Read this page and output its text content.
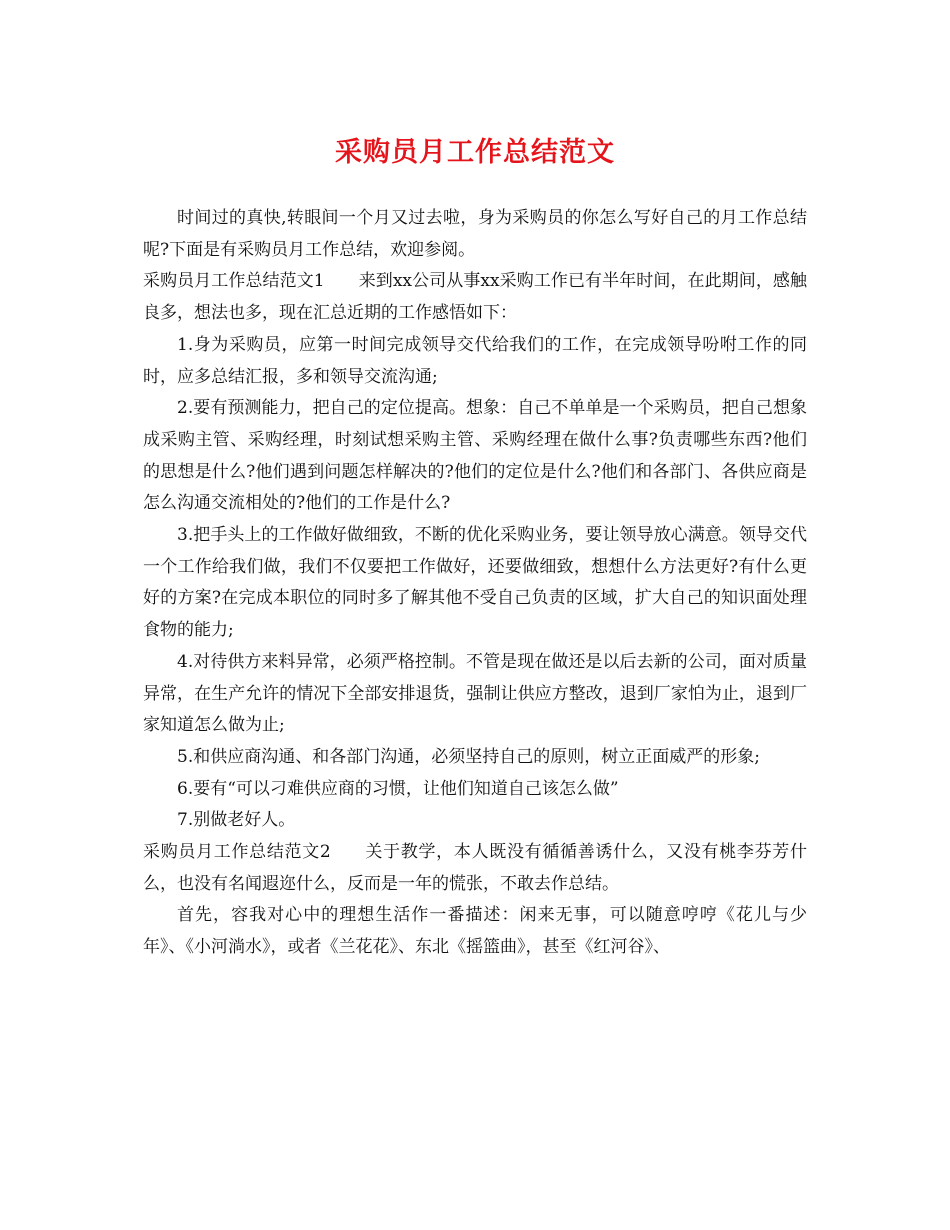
采购员月工作总结范文

时间过的真快,转眼间一个月又过去啦，身为采购员的你怎么写好自己的月工作总结呢?下面是有采购员月工作总结，欢迎参阅。

采购员月工作总结范文1 来到xx公司从事xx采购工作已有半年时间，在此期间，感触良多，想法也多，现在汇总近期的工作感悟如下：

1.身为采购员，应第一时间完成领导交代给我们的工作，在完成领导吩咐工作的同时，应多总结汇报，多和领导交流沟通;

2.要有预测能力，把自己的定位提高。想象：自己不单单是一个采购员，把自己想象成采购主管、采购经理，时刻试想采购主管、采购经理在做什么事?负责哪些东西?他们的思想是什么?他们遇到问题怎样解决的?他们的定位是什么?他们和各部门、各供应商是怎么沟通交流相处的?他们的工作是什么?

3.把手头上的工作做好做细致，不断的优化采购业务，要让领导放心满意。领导交代一个工作给我们做，我们不仅要把工作做好，还要做细致，想想什么方法更好?有什么更好的方案?在完成本职位的同时多了解其他不受自己负责的区域，扩大自己的知识面处理食物的能力;

4.对待供方来料异常，必须严格控制。不管是现在做还是以后去新的公司，面对质量异常，在生产允许的情况下全部安排退货，强制让供应方整改，退到厂家怕为止，退到厂家知道怎么做为止;

5.和供应商沟通、和各部门沟通，必须坚持自己的原则，树立正面威严的形象;

6.要有“可以刁难供应商的习惯，让他们知道自己该怎么做”

7.别做老好人。

采购员月工作总结范文2 关于教学，本人既没有循循善诱什么，又没有桃李芬芳什么，也没有名闻遐迩什么，反而是一年的慌张，不敢去作总结。

首先，容我对心中的理想生活作一番描述：闲来无事，可以随意哼哼《花儿与少年》、《小河淌水》，或者《兰花花》、东北《摇篮曲》，甚至《红河谷》、
